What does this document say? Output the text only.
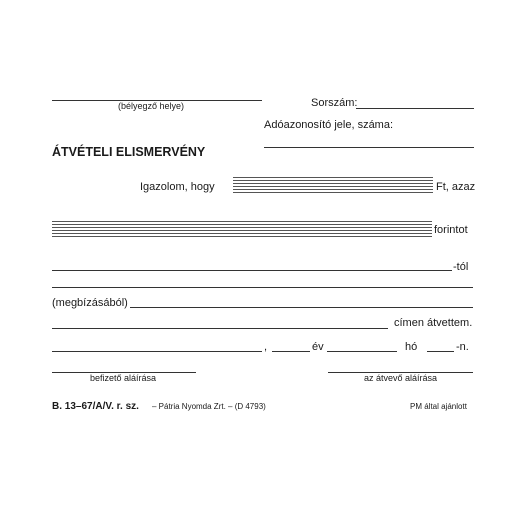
(bélyegző helye)	Sorszám:
Adóazonosító jele, száma:
ÁTVÉTELI ELISMERVÉNY
Igazolom, hogy	Ft, azaz
forintot
-tól
(megbízásából)
címen átvettem.
,	év	hó	-n.
befizető aláírása	az átvevő aláírása
B. 13–67/A/V. r. sz. – Pátria Nyomda Zrt. – (D 4793)	PM által ajánlott
